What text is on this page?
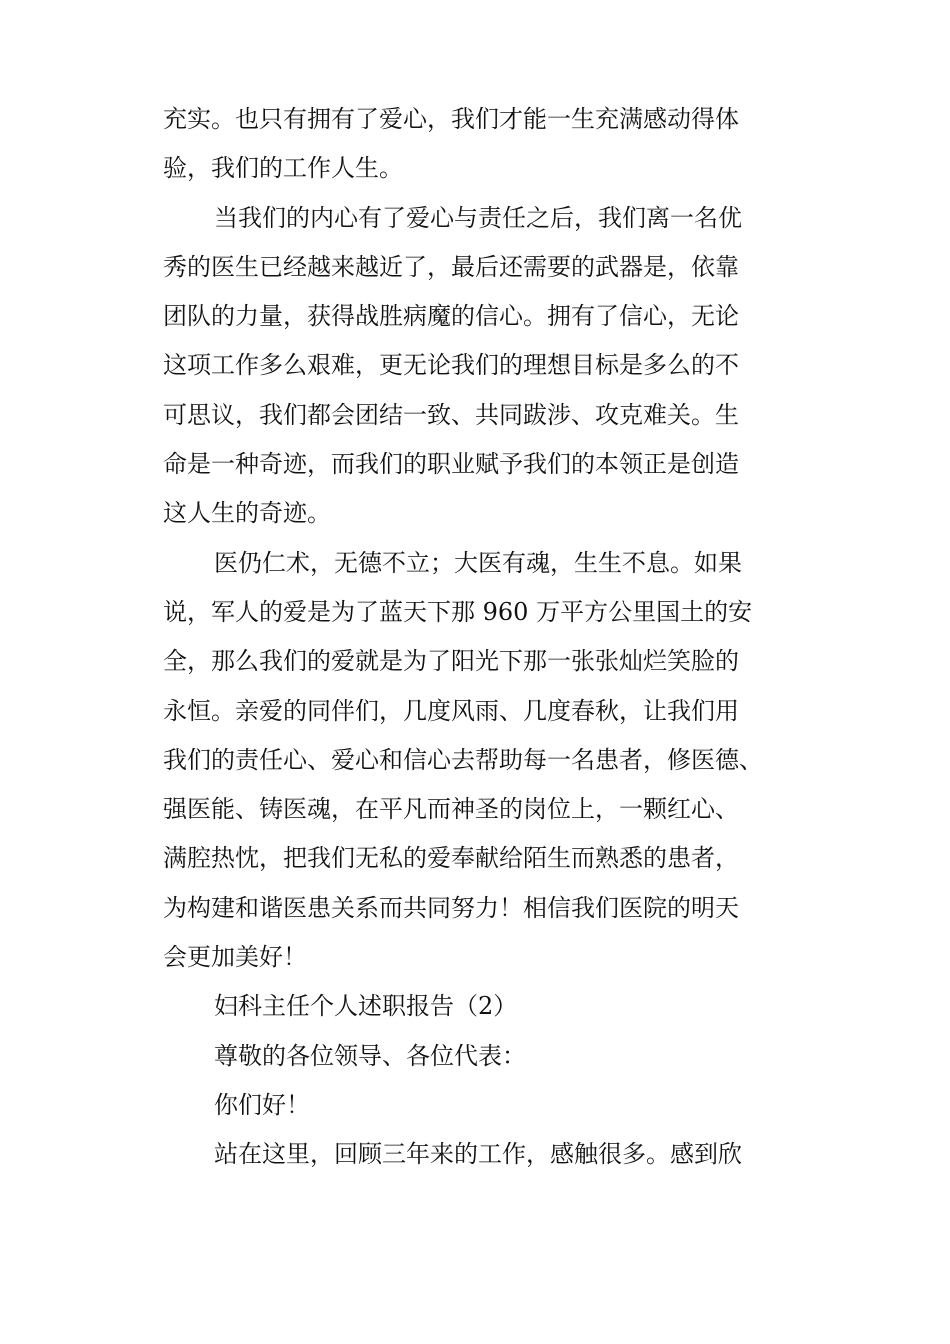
充实。也只有拥有了爱心，我们才能一生充满感动得体

验，我们的工作人生。

当我们的内心有了爱心与责任之后，我们离一名优

秀的医生已经越来越近了，最后还需要的武器是，依靠

团队的力量，获得战胜病魔的信心。拥有了信心，无论

这项工作多么艰难，更无论我们的理想目标是多么的不

可思议，我们都会团结一致、共同跋涉、攻克难关。生

命是一种奇迹，而我们的职业赋予我们的本领正是创造

这人生的奇迹。

医仍仁术，无德不立；大医有魂，生生不息。如果

说，军人的爱是为了蓝天下那 960 万平方公里国土的安

全，那么我们的爱就是为了阳光下那一张张灿烂笑脸的

永恒。亲爱的同伴们，几度风雨、几度春秋，让我们用

我们的责任心、爱心和信心去帮助每一名患者，修医德、

强医能、铸医魂，在平凡而神圣的岗位上，一颗红心、

满腔热忱，把我们无私的爱奉献给陌生而熟悉的患者，

为构建和谐医患关系而共同努力！相信我们医院的明天

会更加美好！

妇科主任个人述职报告（2）

尊敬的各位领导、各位代表：

你们好！

站在这里，回顾三年来的工作，感触很多。感到欣
